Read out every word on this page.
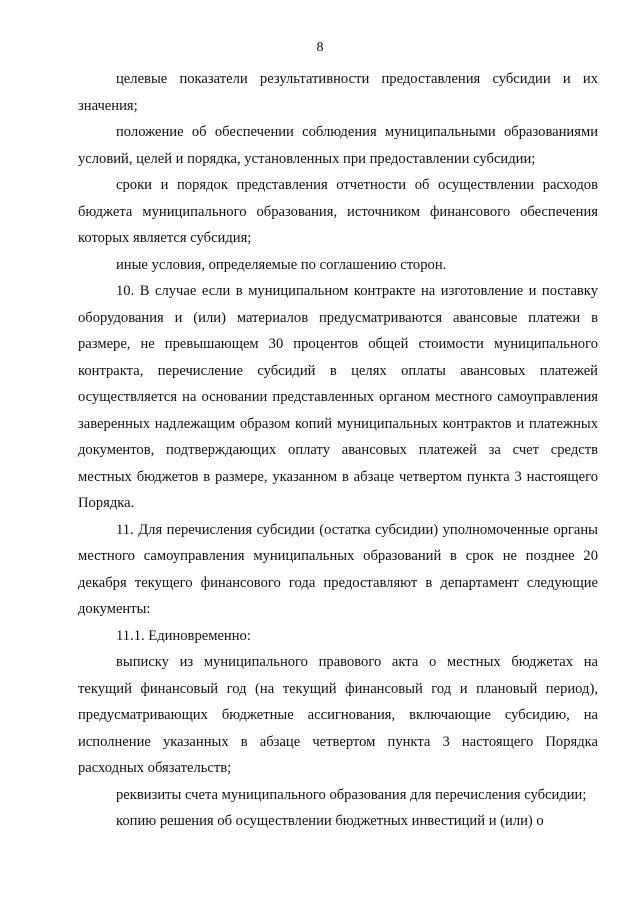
8

целевые показатели результативности предоставления субсидии и их значения;

положение об обеспечении соблюдения муниципальными образованиями условий, целей и порядка, установленных при предоставлении субсидии;

сроки и порядок представления отчетности об осуществлении расходов бюджета муниципального образования, источником финансового обеспечения которых является субсидия;

иные условия, определяемые по соглашению сторон.

10. В случае если в муниципальном контракте на изготовление и поставку оборудования и (или) материалов предусматриваются авансовые платежи в размере, не превышающем 30 процентов общей стоимости муниципального контракта, перечисление субсидий в целях оплаты авансовых платежей осуществляется на основании представленных органом местного самоуправления заверенных надлежащим образом копий муниципальных контрактов и платежных документов, подтверждающих оплату авансовых платежей за счет средств местных бюджетов в размере, указанном в абзаце четвертом пункта 3 настоящего Порядка.

11. Для перечисления субсидии (остатка субсидии) уполномоченные органы местного самоуправления муниципальных образований в срок не позднее 20 декабря текущего финансового года предоставляют в департамент следующие документы:

11.1. Единовременно:

выписку из муниципального правового акта о местных бюджетах на текущий финансовый год (на текущий финансовый год и плановый период), предусматривающих бюджетные ассигнования, включающие субсидию, на исполнение указанных в абзаце четвертом пункта 3 настоящего Порядка расходных обязательств;

реквизиты счета муниципального образования для перечисления субсидии;

копию решения об осуществлении бюджетных инвестиций и (или) о
